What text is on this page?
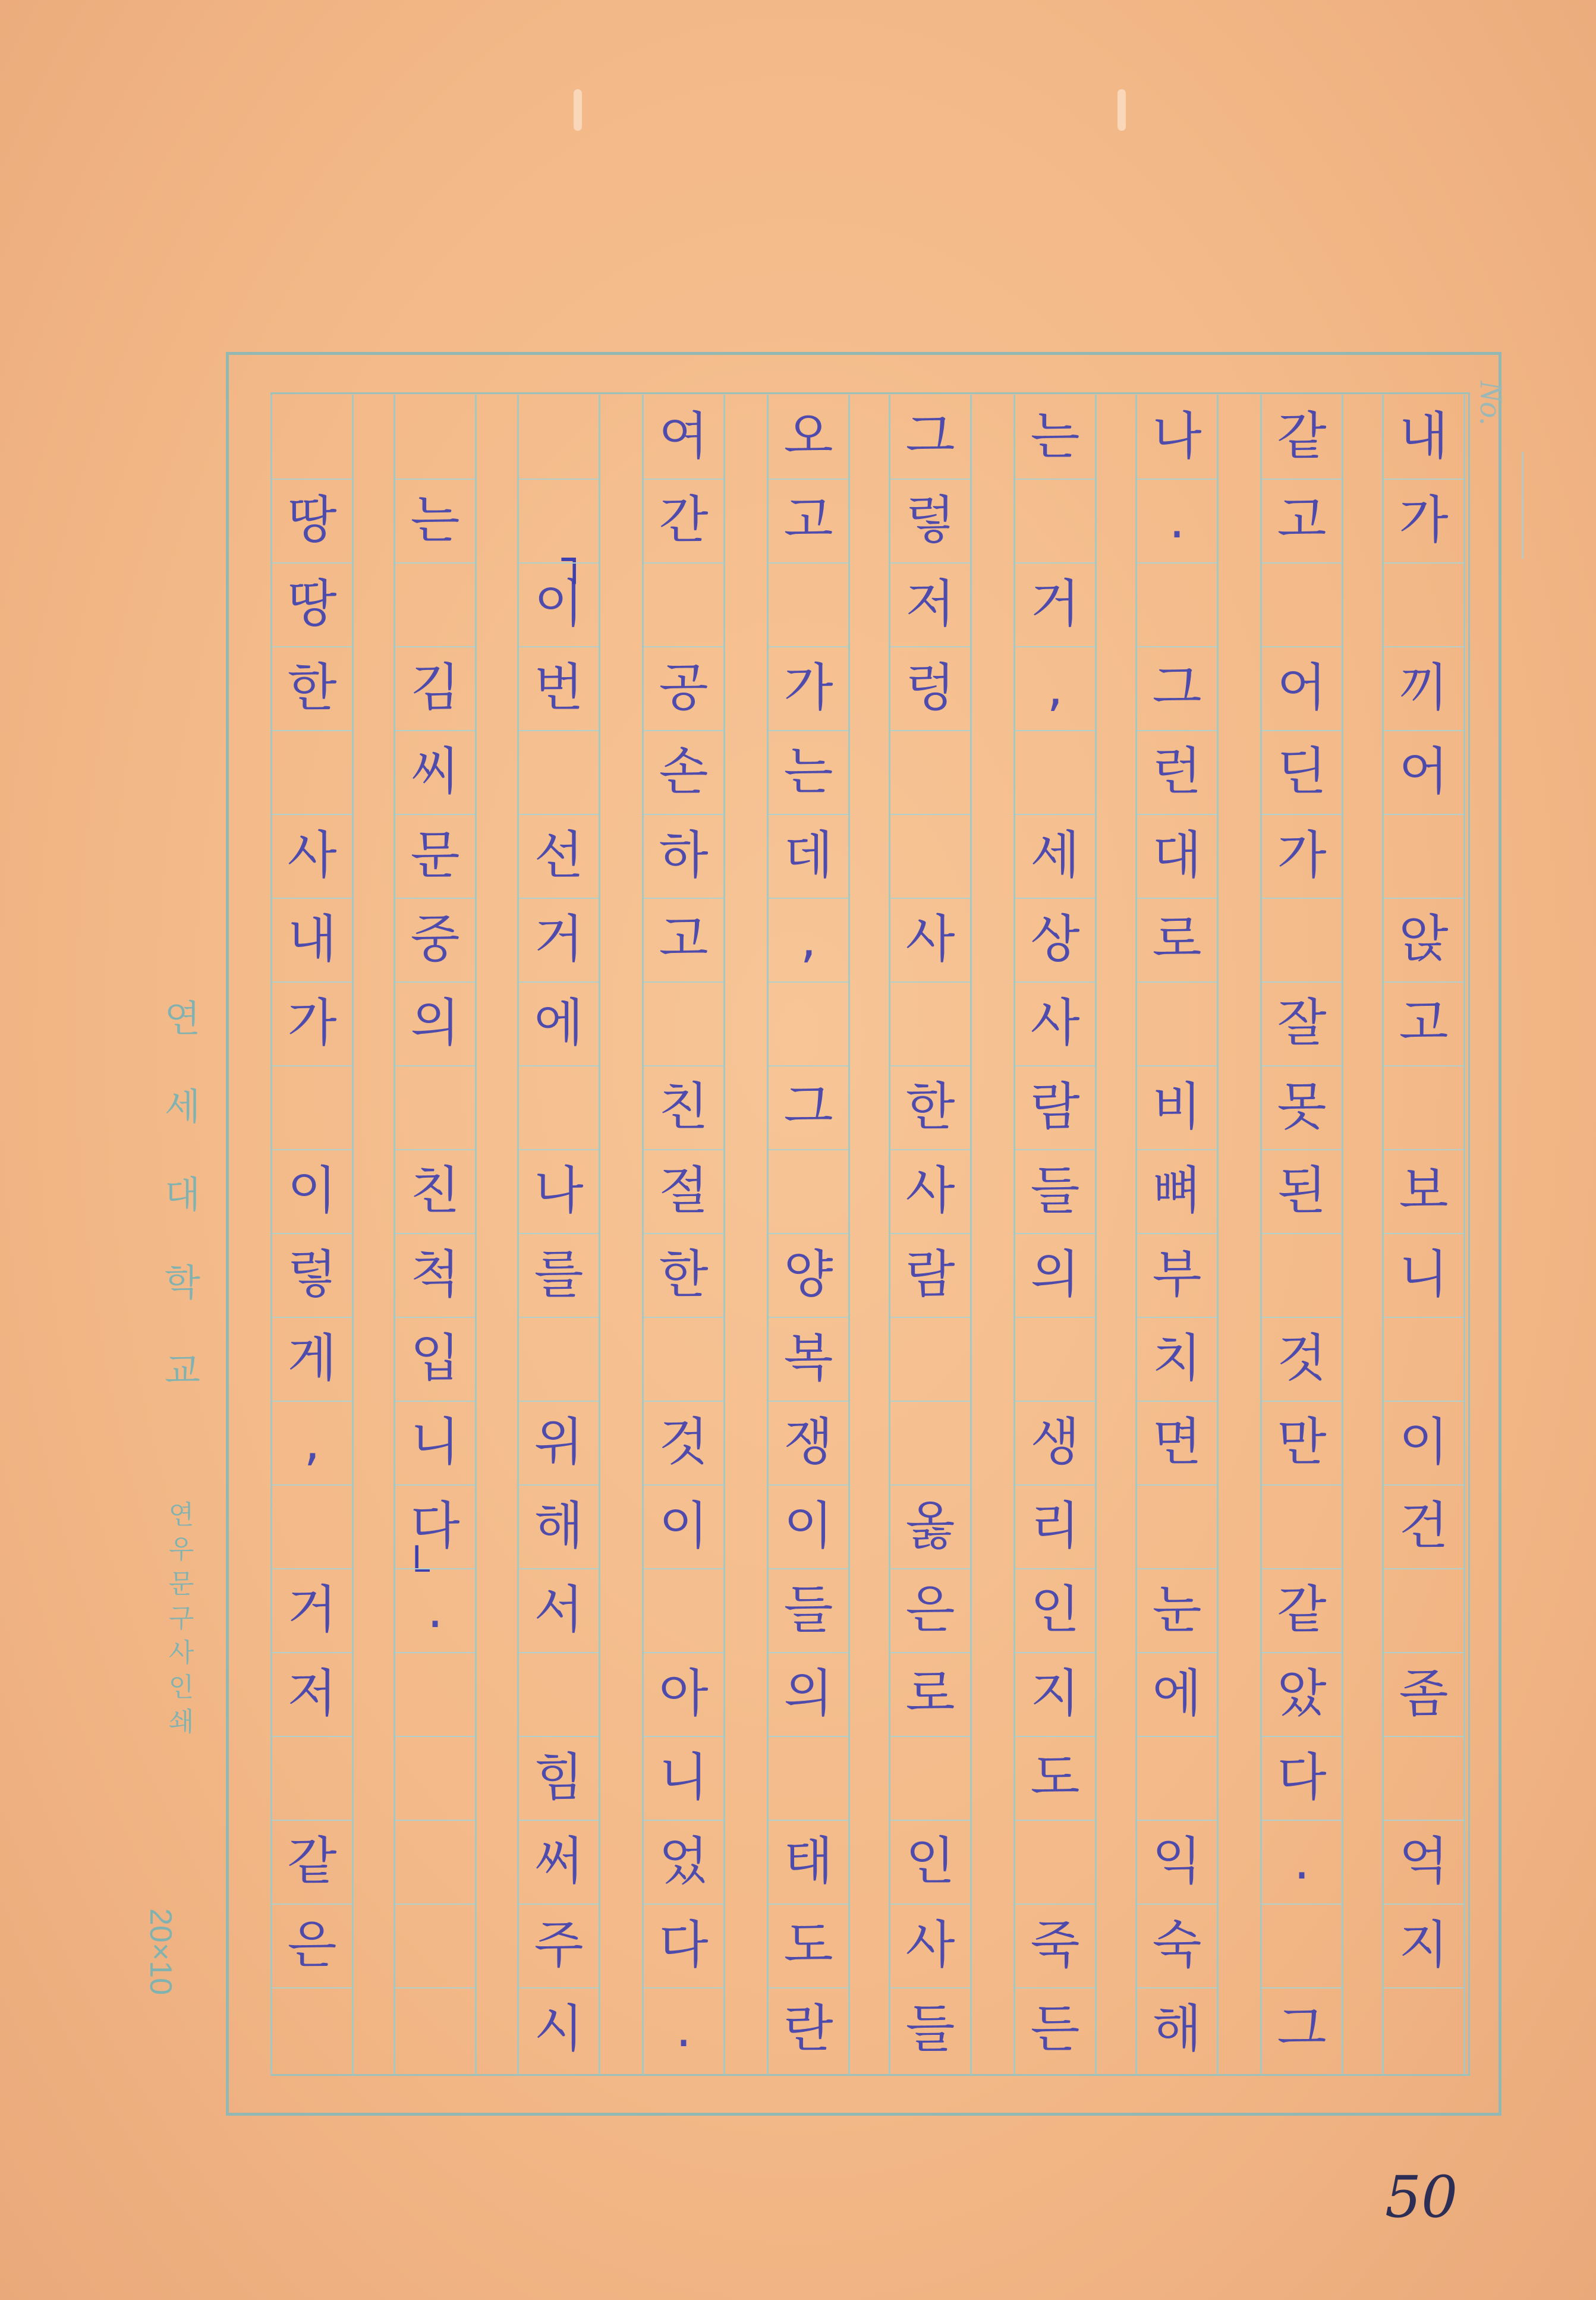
내
가
끼
어
앉
고
보
니
이
건
좀
억
지
같
고
어
딘
가
잘
못
된
것
만
같
았
다
.
그
나
.
그
런
대
로
비
뼈
부
치
면
눈
에
익
숙
해
는
거
,
세
상
사
람
들
의
생
리
인
지
도
죽
든
그
렇
저
렁
사
한
사
람
옳
은
로
인
사
들
오
고
가
는
데
,
그
양
복
쟁
이
들
의
태
도
란
여
간
공
손
하
고
친
절
한
것
이
아
니
었
다
.
이
번
선
거
에
나
를
위
해
서
힘
써
주
시
는
김
씨
문
중
의
친
척
입
니
다
.
땅
땅
한
사
내
가
이
렇
게
,
거
저
같
은
No.
연
세
대
학
교
연
우
문
구
사
인
쇄
20×10
50
┐
└
